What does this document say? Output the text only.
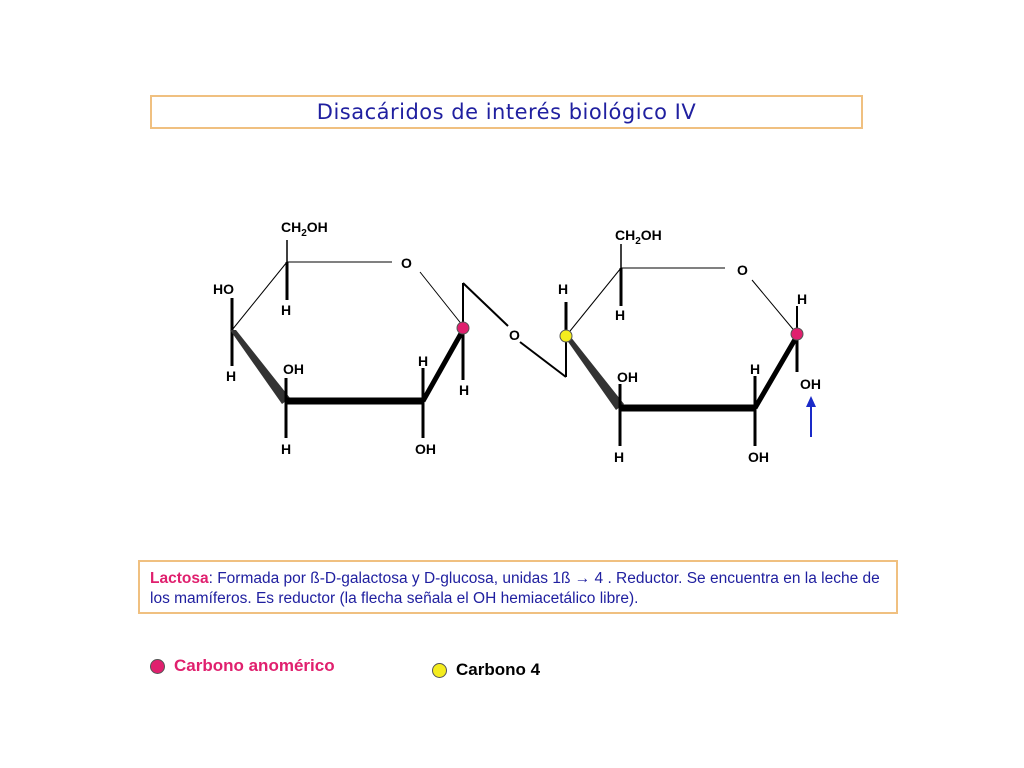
Disacáridos de interés biológico IV
$CH_2OH$
O
HO
H
H	OH	H
H
H	OH
O
$CH_2OH$
O
H
H
H
OH	H
OH
H	OH
Lactosa: Formada por ß-D-galactosa y D-glucosa, unidas 1ß → 4 . Reductor. Se encuentra en la leche de los mamíferos. Es reductor (la flecha señala el OH hemiacetálico libre).
Carbono anomérico	Carbono 4
